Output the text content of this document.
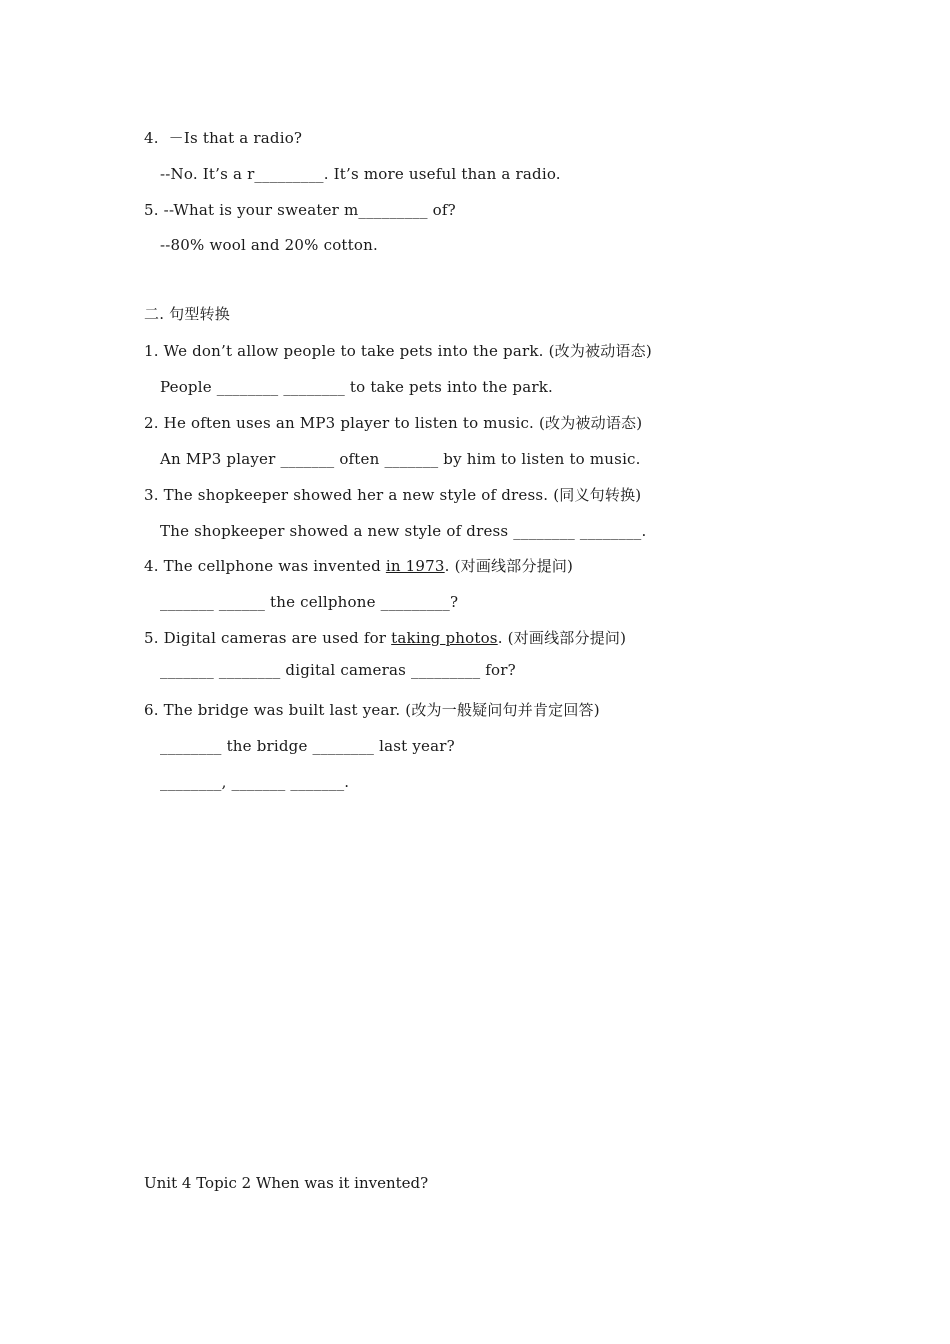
4.  －Is that a radio?
--No. It’s a r_________. It’s more useful than a radio.
5. --What is your sweater m_________ of?
--80% wool and 20% cotton.
二. 句型转换
1. We don’t allow people to take pets into the park. (改为被动语态)
People ________ ________ to take pets into the park.
2. He often uses an MP3 player to listen to music. (改为被动语态)
An MP3 player _______ often _______ by him to listen to music.
3. The shopkeeper showed her a new style of dress. (同义句转换)
The shopkeeper showed a new style of dress ________ ________.
4. The cellphone was invented in 1973. (对画线部分提问)
_______ ______ the cellphone _________?
5. Digital cameras are used for taking photos. (对画线部分提问)
_______ ________ digital cameras _________ for?
6. The bridge was built last year. (改为一般疑问句并肯定回答)
________ the bridge ________ last year?
________, _______ _______.
Unit 4 Topic 2 When was it invented?
